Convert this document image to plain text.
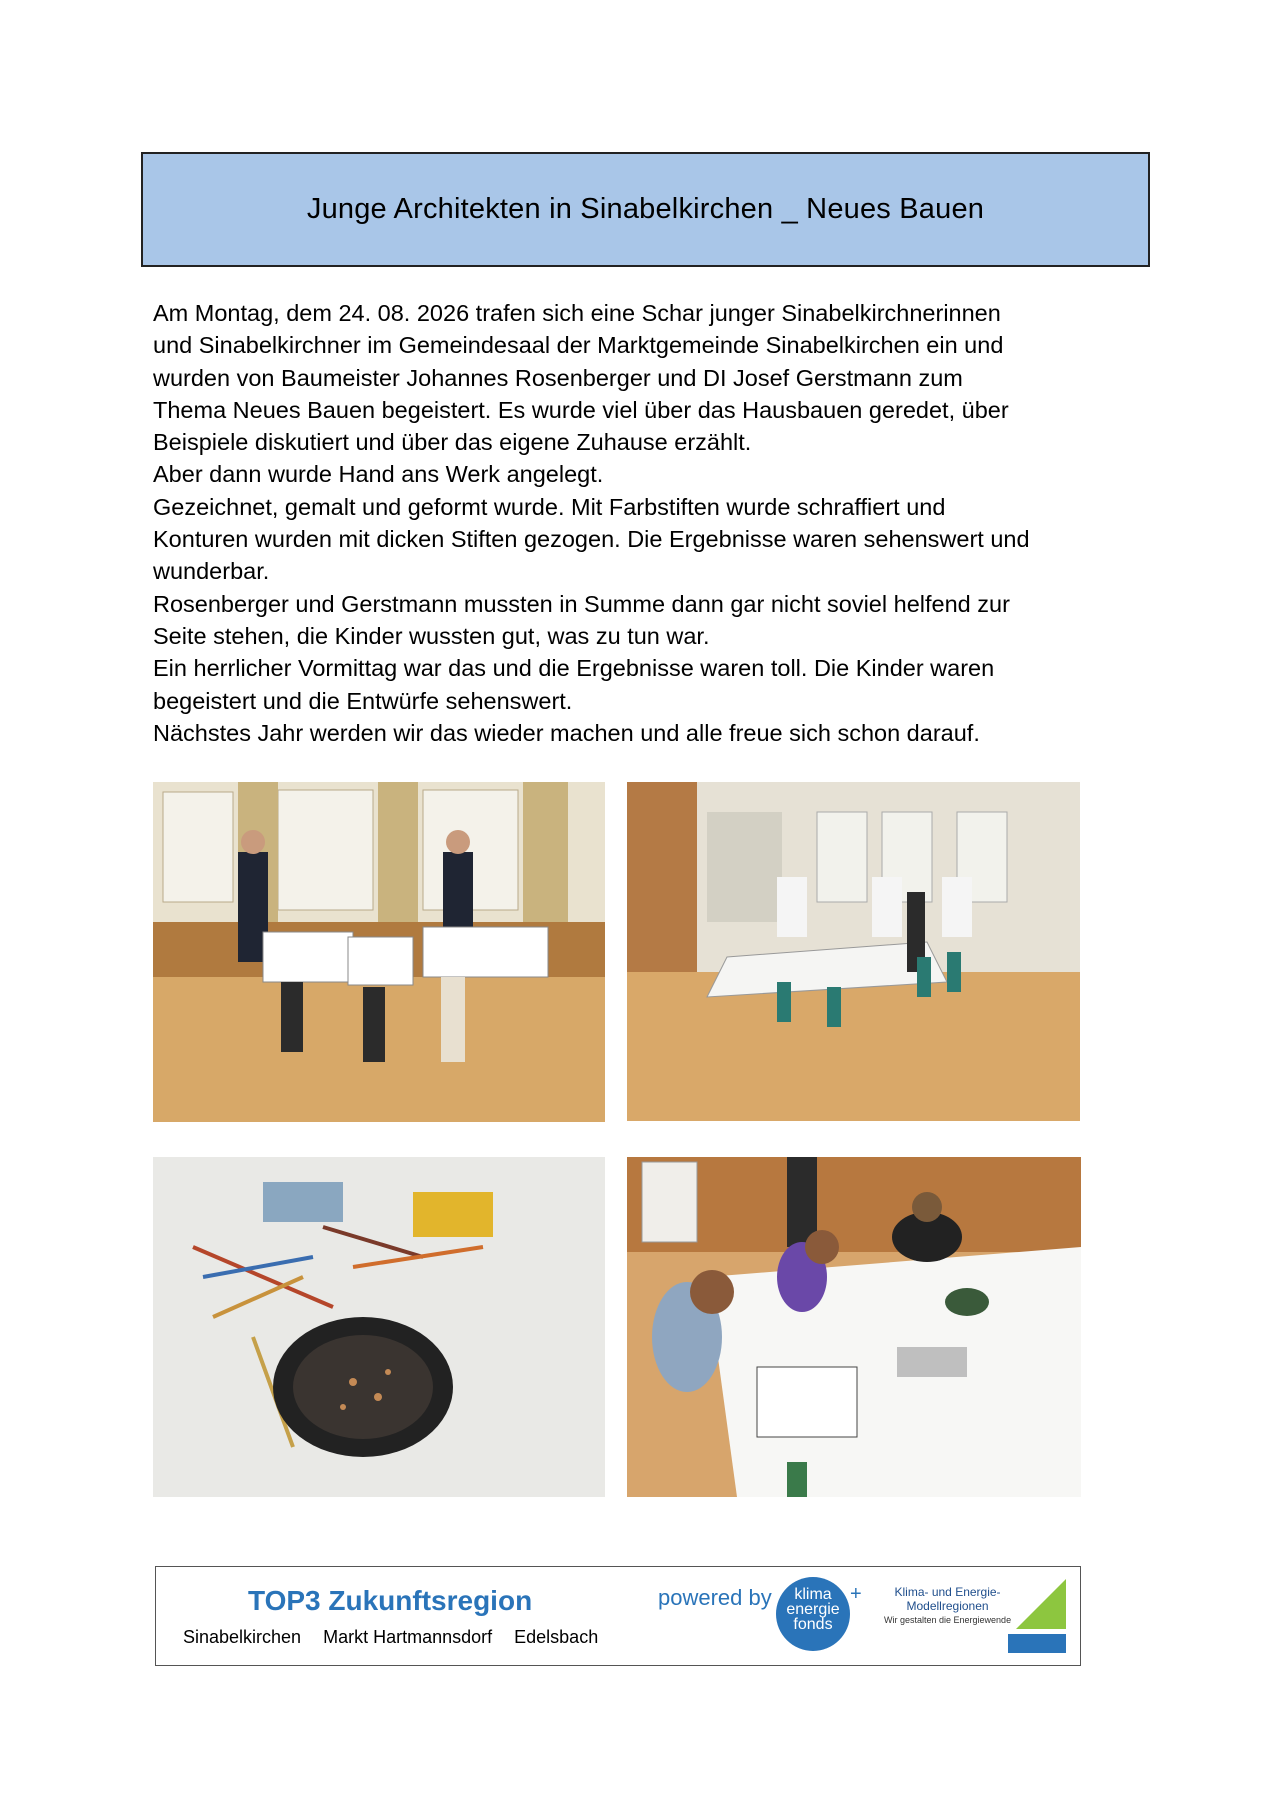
Junge Architekten in Sinabelkirchen _ Neues Bauen

Am Montag, dem 24. 08. 2026 trafen sich eine Schar junger Sinabelkirchnerinnen

und Sinabelkirchner im Gemeindesaal der Marktgemeinde Sinabelkirchen ein und

wurden von Baumeister Johannes Rosenberger und DI Josef Gerstmann zum

Thema Neues Bauen begeistert. Es wurde viel über das Hausbauen geredet, über

Beispiele diskutiert und über das eigene Zuhause erzählt.

Aber dann wurde Hand ans Werk angelegt.

Gezeichnet, gemalt und geformt wurde. Mit Farbstiften wurde schraffiert und

Konturen wurden mit dicken Stiften gezogen. Die Ergebnisse waren sehenswert und

wunderbar.

Rosenberger und Gerstmann mussten in Summe dann gar nicht soviel helfend zur

Seite stehen, die Kinder wussten gut, was zu tun war.

Ein herrlicher Vormittag war das und die Ergebnisse waren toll. Die Kinder waren

begeistert und die Entwürfe sehenswert.

Nächstes Jahr werden wir das wieder machen und alle freue sich schon darauf.

TOP3 Zukunftsregion
Sinabelkirchen Markt Hartmannsdorf Edelsbach
powered by	klima
energie
fonds
+	Klima- und Energie-
Modellregionen
Wir gestalten die Energiewende
